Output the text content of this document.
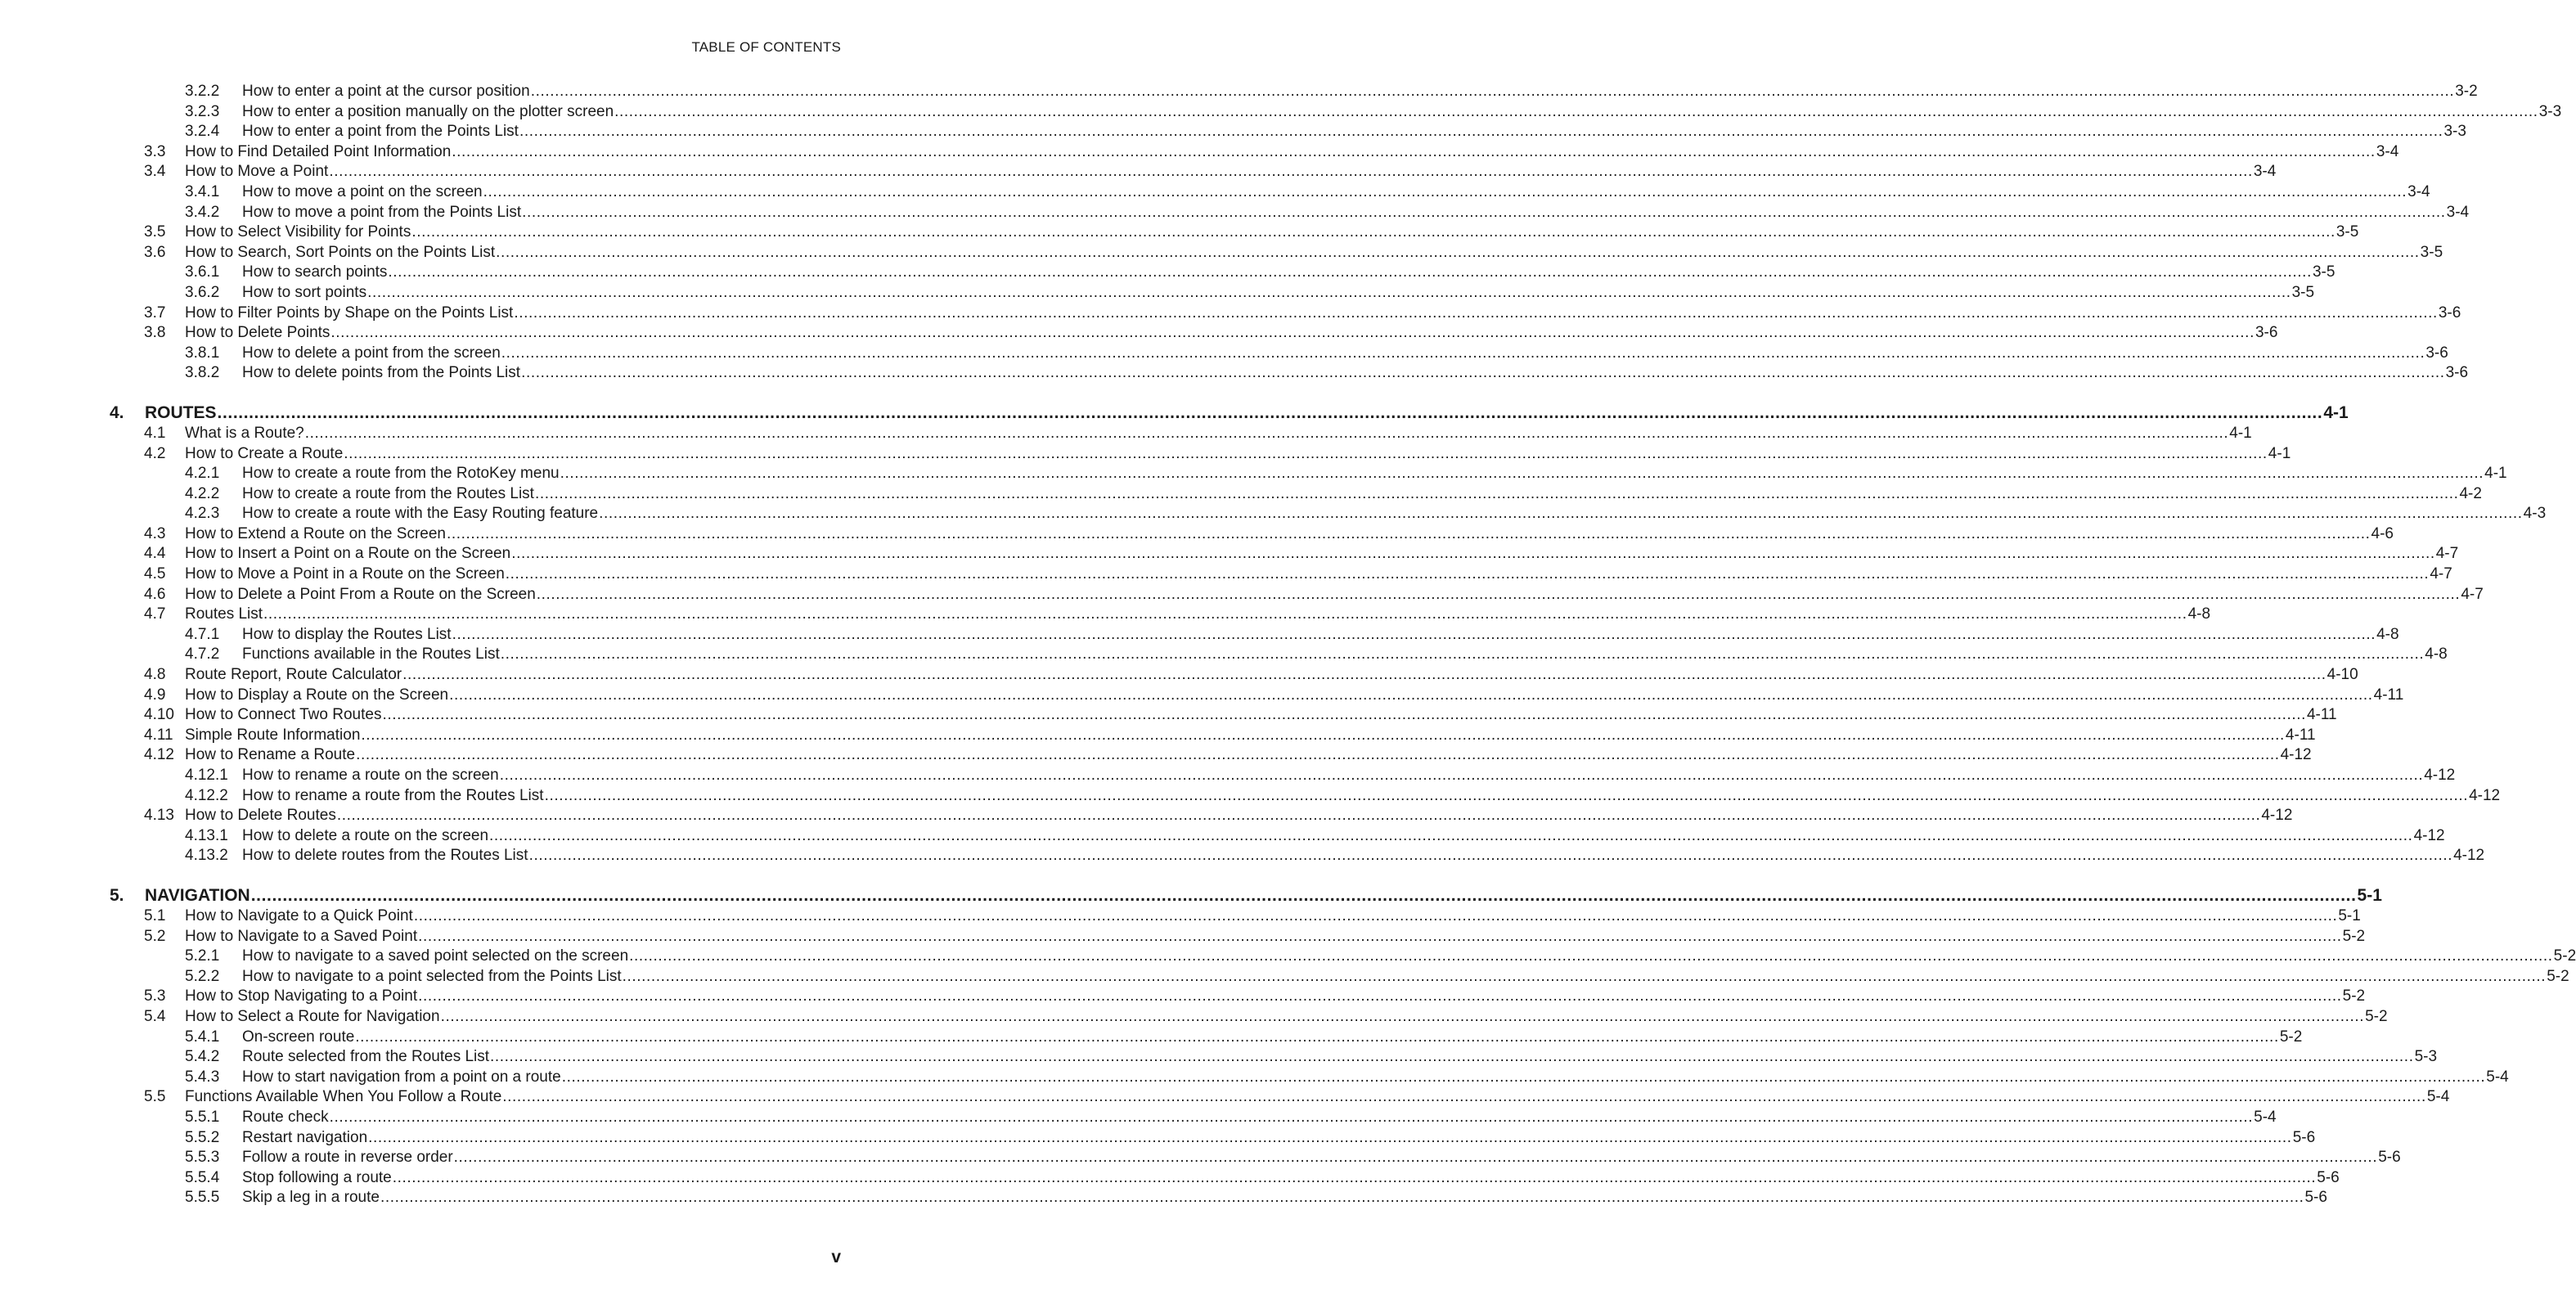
TABLE OF CONTENTS
3.2.2 How to enter a point at the cursor position ................................................................................................................................................................................................................................................................................................................................................................................................................ 3-2
3.2.3 How to enter a position manually on the plotter screen ................................................................................................................................................................................................................................................................................................................................................................................................................ 3-3
3.2.4 How to enter a point from the Points List ................................................................................................................................................................................................................................................................................................................................................................................................................ 3-3
3.3 How to Find Detailed Point Information ................................................................................................................................................................................................................................................................................................................................................................................................................ 3-4
3.4 How to Move a Point ................................................................................................................................................................................................................................................................................................................................................................................................................ 3-4
3.4.1 How to move a point on the screen ................................................................................................................................................................................................................................................................................................................................................................................................................ 3-4
3.4.2 How to move a point from the Points List ................................................................................................................................................................................................................................................................................................................................................................................................................ 3-4
3.5 How to Select Visibility for Points ................................................................................................................................................................................................................................................................................................................................................................................................................ 3-5
3.6 How to Search, Sort Points on the Points List ................................................................................................................................................................................................................................................................................................................................................................................................................ 3-5
3.6.1 How to search points ................................................................................................................................................................................................................................................................................................................................................................................................................ 3-5
3.6.2 How to sort points ................................................................................................................................................................................................................................................................................................................................................................................................................ 3-5
3.7 How to Filter Points by Shape on the Points List ................................................................................................................................................................................................................................................................................................................................................................................................................ 3-6
3.8 How to Delete Points ................................................................................................................................................................................................................................................................................................................................................................................................................ 3-6
3.8.1 How to delete a point from the screen ................................................................................................................................................................................................................................................................................................................................................................................................................ 3-6
3.8.2 How to delete points from the Points List ................................................................................................................................................................................................................................................................................................................................................................................................................ 3-6
4. ROUTES ................................................................................................................................................................................................................................................................................................................................................................................................................ 4-1
4.1 What is a Route? ................................................................................................................................................................................................................................................................................................................................................................................................................ 4-1
4.2 How to Create a Route ................................................................................................................................................................................................................................................................................................................................................................................................................ 4-1
4.2.1 How to create a route from the RotoKey menu ................................................................................................................................................................................................................................................................................................................................................................................................................ 4-1
4.2.2 How to create a route from the Routes List ................................................................................................................................................................................................................................................................................................................................................................................................................ 4-2
4.2.3 How to create a route with the Easy Routing feature ................................................................................................................................................................................................................................................................................................................................................................................................................ 4-3
4.3 How to Extend a Route on the Screen ................................................................................................................................................................................................................................................................................................................................................................................................................ 4-6
4.4 How to Insert a Point on a Route on the Screen ................................................................................................................................................................................................................................................................................................................................................................................................................ 4-7
4.5 How to Move a Point in a Route on the Screen ................................................................................................................................................................................................................................................................................................................................................................................................................ 4-7
4.6 How to Delete a Point From a Route on the Screen ................................................................................................................................................................................................................................................................................................................................................................................................................ 4-7
4.7 Routes List ................................................................................................................................................................................................................................................................................................................................................................................................................ 4-8
4.7.1 How to display the Routes List ................................................................................................................................................................................................................................................................................................................................................................................................................ 4-8
4.7.2 Functions available in the Routes List ................................................................................................................................................................................................................................................................................................................................................................................................................ 4-8
4.8 Route Report, Route Calculator ................................................................................................................................................................................................................................................................................................................................................................................................................ 4-10
4.9 How to Display a Route on the Screen ................................................................................................................................................................................................................................................................................................................................................................................................................ 4-11
4.10 How to Connect Two Routes ................................................................................................................................................................................................................................................................................................................................................................................................................ 4-11
4.11 Simple Route Information ................................................................................................................................................................................................................................................................................................................................................................................................................ 4-11
4.12 How to Rename a Route ................................................................................................................................................................................................................................................................................................................................................................................................................ 4-12
4.12.1 How to rename a route on the screen ................................................................................................................................................................................................................................................................................................................................................................................................................ 4-12
4.12.2 How to rename a route from the Routes List ................................................................................................................................................................................................................................................................................................................................................................................................................ 4-12
4.13 How to Delete Routes ................................................................................................................................................................................................................................................................................................................................................................................................................ 4-12
4.13.1 How to delete a route on the screen ................................................................................................................................................................................................................................................................................................................................................................................................................ 4-12
4.13.2 How to delete routes from the Routes List ................................................................................................................................................................................................................................................................................................................................................................................................................ 4-12
5. NAVIGATION ................................................................................................................................................................................................................................................................................................................................................................................................................ 5-1
5.1 How to Navigate to a Quick Point ................................................................................................................................................................................................................................................................................................................................................................................................................ 5-1
5.2 How to Navigate to a Saved Point ................................................................................................................................................................................................................................................................................................................................................................................................................ 5-2
5.2.1 How to navigate to a saved point selected on the screen ................................................................................................................................................................................................................................................................................................................................................................................................................ 5-2
5.2.2 How to navigate to a point selected from the Points List ................................................................................................................................................................................................................................................................................................................................................................................................................ 5-2
5.3 How to Stop Navigating to a Point ................................................................................................................................................................................................................................................................................................................................................................................................................ 5-2
5.4 How to Select a Route for Navigation ................................................................................................................................................................................................................................................................................................................................................................................................................ 5-2
5.4.1 On-screen route ................................................................................................................................................................................................................................................................................................................................................................................................................ 5-2
5.4.2 Route selected from the Routes List ................................................................................................................................................................................................................................................................................................................................................................................................................ 5-3
5.4.3 How to start navigation from a point on a route ................................................................................................................................................................................................................................................................................................................................................................................................................ 5-4
5.5 Functions Available When You Follow a Route ................................................................................................................................................................................................................................................................................................................................................................................................................ 5-4
5.5.1 Route check ................................................................................................................................................................................................................................................................................................................................................................................................................ 5-4
5.5.2 Restart navigation ................................................................................................................................................................................................................................................................................................................................................................................................................ 5-6
5.5.3 Follow a route in reverse order ................................................................................................................................................................................................................................................................................................................................................................................................................ 5-6
5.5.4 Stop following a route ................................................................................................................................................................................................................................................................................................................................................................................................................ 5-6
5.5.5 Skip a leg in a route ................................................................................................................................................................................................................................................................................................................................................................................................................ 5-6
v
